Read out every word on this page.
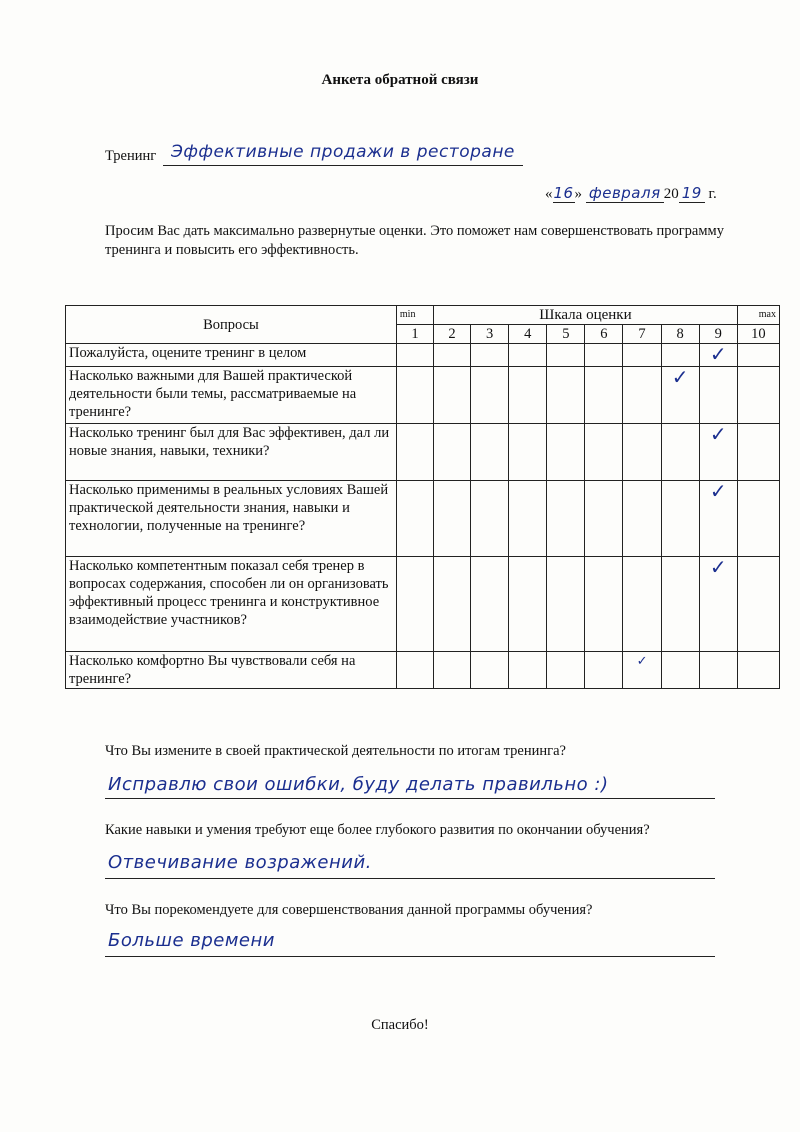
Анкета обратной связи
Тренинг Эффективные продажи в ресторане
«16» февраля 20 19 г.
Просим Вас дать максимально развернутые оценки. Это поможет нам совершенствовать программу тренинга и повысить его эффективность.
Вопросы	min	Шкала оценки								max

	1	2	3	4	5	6	7	8	9	10
Пожалуйста, оцените тренинг в целом									✓	
Насколько важными для Вашей практической деятельности были темы, рассматриваемые на тренинге?								✓		
Насколько тренинг был для Вас эффективен, дал ли новые знания, навыки, техники?									✓	
Насколько применимы в реальных условиях Вашей практической деятельности знания, навыки и технологии, полученные на тренинге?									✓	
Насколько компетентным показал себя тренер в вопросах содержания, способен ли он организовать эффективный процесс тренинга и конструктивное взаимодействие участников?									✓	
Насколько комфортно Вы чувствовали себя на тренинге?							✓			
Что Вы измените в своей практической деятельности по итогам тренинга?
Исправлю свои ошибки, буду делать правильно :)
Какие навыки и умения требуют еще более глубокого развития по окончании обучения?
Отвечивание возражений.
Что Вы порекомендуете для совершенствования данной программы обучения?
Больше времени
Спасибо!
